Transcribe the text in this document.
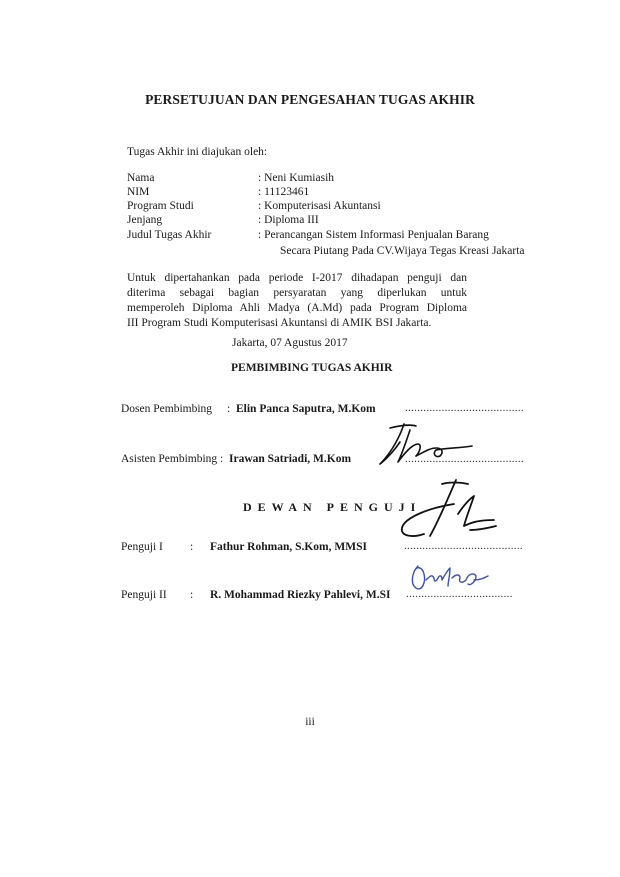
PERSETUJUAN DAN PENGESAHAN TUGAS AKHIR
Tugas Akhir ini diajukan oleh:
Nama	: Neni Kumiasih
NIM	: 11123461
Program Studi	: Komputerisasi Akuntansi
Jenjang	: Diploma III
Judul Tugas Akhir	: Perancangan Sistem Informasi Penjualan Barang
Secara Piutang Pada CV.Wijaya Tegas Kreasi Jakarta
Untuk dipertahankan pada periode I-2017 dihadapan penguji dan
diterima sebagai bagian persyaratan yang diperlukan untuk
memperoleh Diploma Ahli Madya (A.Md) pada Program Diploma
III Program Studi Komputerisasi Akuntansi di AMIK BSI Jakarta.
Jakarta, 07 Agustus 2017
PEMBIMBING TUGAS AKHIR
Dosen Pembimbing : Elin Panca Saputra, M.Kom	.......................................
Asisten Pembimbing : Irawan Satriadi, M.Kom	.......................................
DEWAN PENGUJI
Penguji I : Fathur Rohman, S.Kom, MMSI	.......................................
Penguji II : R. Mohammad Riezky Pahlevi, M.SI ...................................
iii
